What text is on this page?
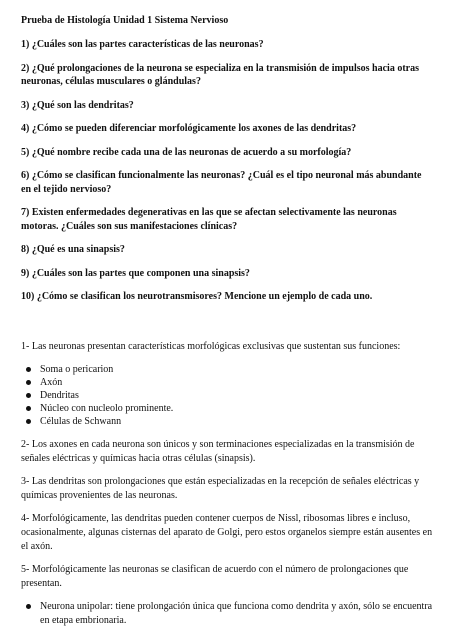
Prueba de Histología Unidad 1 Sistema Nervioso
1) ¿Cuáles son las partes características de las neuronas?
2) ¿Qué prolongaciones de la neurona se especializa en la transmisión de impulsos hacia otras neuronas, células musculares o glándulas?
3) ¿Qué son las dendritas?
4) ¿Cómo se pueden diferenciar morfológicamente los axones de las dendritas?
5) ¿Qué nombre recibe cada una de las neuronas de acuerdo a su morfología?
6) ¿Cómo se clasifican funcionalmente las neuronas? ¿Cuál es el tipo neuronal más abundante en el tejido nervioso?
7) Existen enfermedades degenerativas en las que se afectan selectivamente las neuronas motoras. ¿Cuáles son sus manifestaciones clínicas?
8) ¿Qué es una sinapsis?
9) ¿Cuáles son las partes que componen una sinapsis?
10) ¿Cómo se clasifican los neurotransmisores? Mencione un ejemplo de cada uno.

1- Las neuronas presentan características morfológicas exclusivas que sustentan sus funciones:

Soma o pericarion
Axón
Dendritas
Núcleo con nucleolo prominente.
Células de Schwann

2- Los axones en cada neurona son únicos y son terminaciones especializadas en la transmisión de señales eléctricas y químicas hacia otras células (sinapsis).

3- Las dendritas son prolongaciones que están especializadas en la recepción de señales eléctricas y químicas provenientes de las neuronas.

4- Morfológicamente, las dendritas pueden contener cuerpos de Nissl, ribosomas libres e incluso, ocasionalmente, algunas cisternas del aparato de Golgi, pero estos organelos siempre están ausentes en el axón.

5- Morfológicamente las neuronas se clasifican de acuerdo con el número de prolongaciones que presentan.

Neurona unipolar: tiene prolongación única que funciona como dendrita y axón, sólo se encuentra en etapa embrionaria.
